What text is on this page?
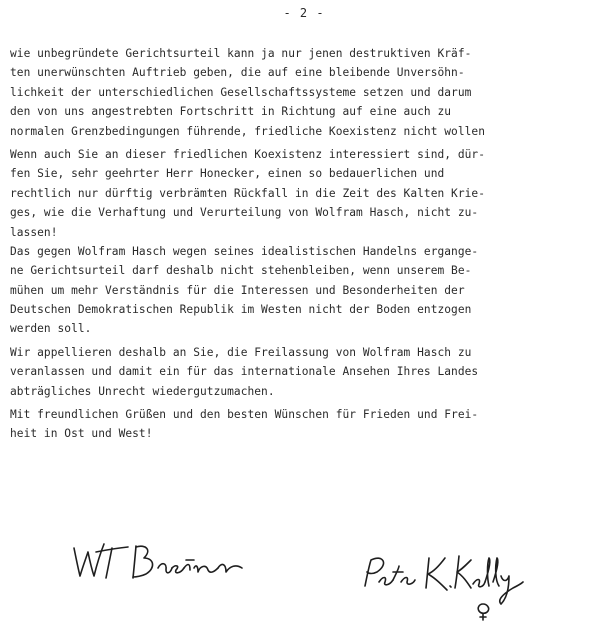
- 2 -
wie unbegründete Gerichtsurteil kann ja nur jenen destruktiven Kräf-
ten unerwünschten Auftrieb geben, die auf eine bleibende Unversöhn-
lichkeit der unterschiedlichen Gesellschaftssysteme setzen und darum
den von uns angestrebten Fortschritt in Richtung auf eine auch zu
normalen Grenzbedingungen führende, friedliche Koexistenz nicht wollen
Wenn auch Sie an dieser friedlichen Koexistenz interessiert sind, dür-
fen Sie, sehr geehrter Herr Honecker, einen so bedauerlichen und
rechtlich nur dürftig verbrämten Rückfall in die Zeit des Kalten Krie-
ges, wie die Verhaftung und Verurteilung von Wolfram Hasch, nicht zu-
lassen!
Das gegen Wolfram Hasch wegen seines idealistischen Handelns ergange-
ne Gerichtsurteil darf deshalb nicht stehenbleiben, wenn unserem Be-
mühen um mehr Verständnis für die Interessen und Besonderheiten der
Deutschen Demokratischen Republik im Westen nicht der Boden entzogen
werden soll.
Wir appellieren deshalb an Sie, die Freilassung von Wolfram Hasch zu
veranlassen und damit ein für das internationale Ansehen Ihres Landes
abträgliches Unrecht wiedergutzumachen.
Mit freundlichen Grüßen und den besten Wünschen für Frieden und Frei-
heit in Ost und West!
